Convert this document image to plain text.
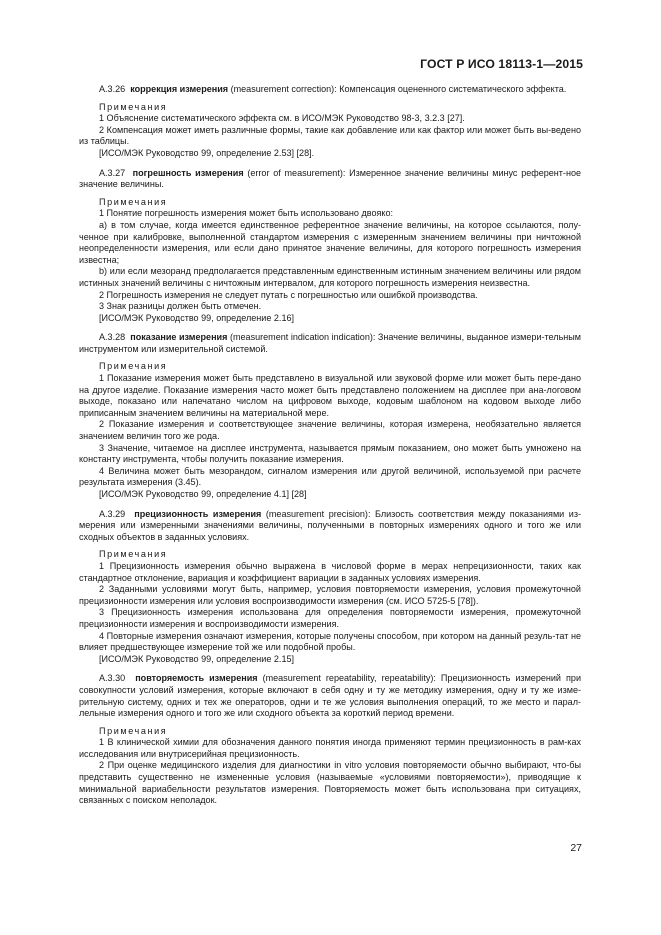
ГОСТ Р ИСО 18113-1—2015

A.3.26 коррекция измерения (measurement correction): Компенсация оцененного систематического эффекта.

Примечания

1 Объяснение систематического эффекта см. в ИСО/МЭК Руководство 98-3, 3.2.3 [27].

2 Компенсация может иметь различные формы, такие как добавление или как фактор или может быть вы-ведено из таблицы.

[ИСО/МЭК Руководство 99, определение 2.53] [28].

A.3.27 погрешность измерения (error of measurement): Измеренное значение величины минус референт-ное значение величины.

Примечания

1 Понятие погрешность измерения может быть использовано двояко:

a) в том случае, когда имеется единственное референтное значение величины, на которое ссылаются, полу-ченное при калибровке, выполненной стандартом измерения с измеренным значением величины при ничтожной неопределенности измерения, или если дано принятое значение величины, для которого погрешность измерения известна;

b) или если мезоранд предполагается представленным единственным истинным значением величины или рядом истинных значений величины с ничтожным интервалом, для которого погрешность измерения неизвестна.

2 Погрешность измерения не следует путать с погрешностью или ошибкой производства.

3 Знак разницы должен быть отмечен.

[ИСО/МЭК Руководство 99, определение 2.16]

A.3.28 показание измерения (measurement indication indication): Значение величины, выданное измери-тельным инструментом или измерительной системой.

Примечания

1 Показание измерения может быть представлено в визуальной или звуковой форме или может быть пере-дано на другое изделие. Показание измерения часто может быть представлено положением на дисплее при ана-логовом выходе, показано или напечатано числом на цифровом выходе, кодовым шаблоном на кодовом выходе либо приписанным значением величины на материальной мере.

2 Показание измерения и соответствующее значение величины, которая измерена, необязательно является значением величин того же рода.

3 Значение, читаемое на дисплее инструмента, называется прямым показанием, оно может быть умножено на константу инструмента, чтобы получить показание измерения.

4 Величина может быть мезорандом, сигналом измерения или другой величиной, используемой при расчете результата измерения (3.45).

[ИСО/МЭК Руководство 99, определение 4.1] [28]

A.3.29 прецизионность измерения (measurement precision): Близость соответствия между показаниями из-мерения или измеренными значениями величины, полученными в повторных измерениях одного и того же или сходных объектов в заданных условиях.

Примечания

1 Прецизионность измерения обычно выражена в числовой форме в мерах непрецизионности, таких как стандартное отклонение, вариация и коэффициент вариации в заданных условиях измерения.

2 Заданными условиями могут быть, например, условия повторяемости измерения, условия промежуточной прецизионности измерения или условия воспроизводимости измерения (см. ИСО 5725-5 [78]).

3 Прецизионность измерения использована для определения повторяемости измерения, промежуточной прецизионности измерения и воспроизводимости измерения.

4 Повторные измерения означают измерения, которые получены способом, при котором на данный резуль-тат не влияет предшествующее измерение той же или подобной пробы.

[ИСО/МЭК Руководство 99, определение 2.15]

A.3.30 повторяемость измерения (measurement repeatability, repeatability): Прецизионность измерений при совокупности условий измерения, которые включают в себя одну и ту же методику измерения, одну и ту же изме-рительную систему, одних и тех же операторов, одни и те же условия выполнения операций, то же место и парал-лельные измерения одного и того же или сходного объекта за короткий период времени.

Примечания

1 В клинической химии для обозначения данного понятия иногда применяют термин прецизионность в рам-ках исследования или внутрисерийная прецизионность.

2 При оценке медицинского изделия для диагностики in vitro условия повторяемости обычно выбирают, что-бы представить существенно не измененные условия (называемые «условиями повторяемости»), приводящие к минимальной вариабельности результатов измерения. Повторяемость может быть использована при ситуациях, связанных с поиском неполадок.

27
